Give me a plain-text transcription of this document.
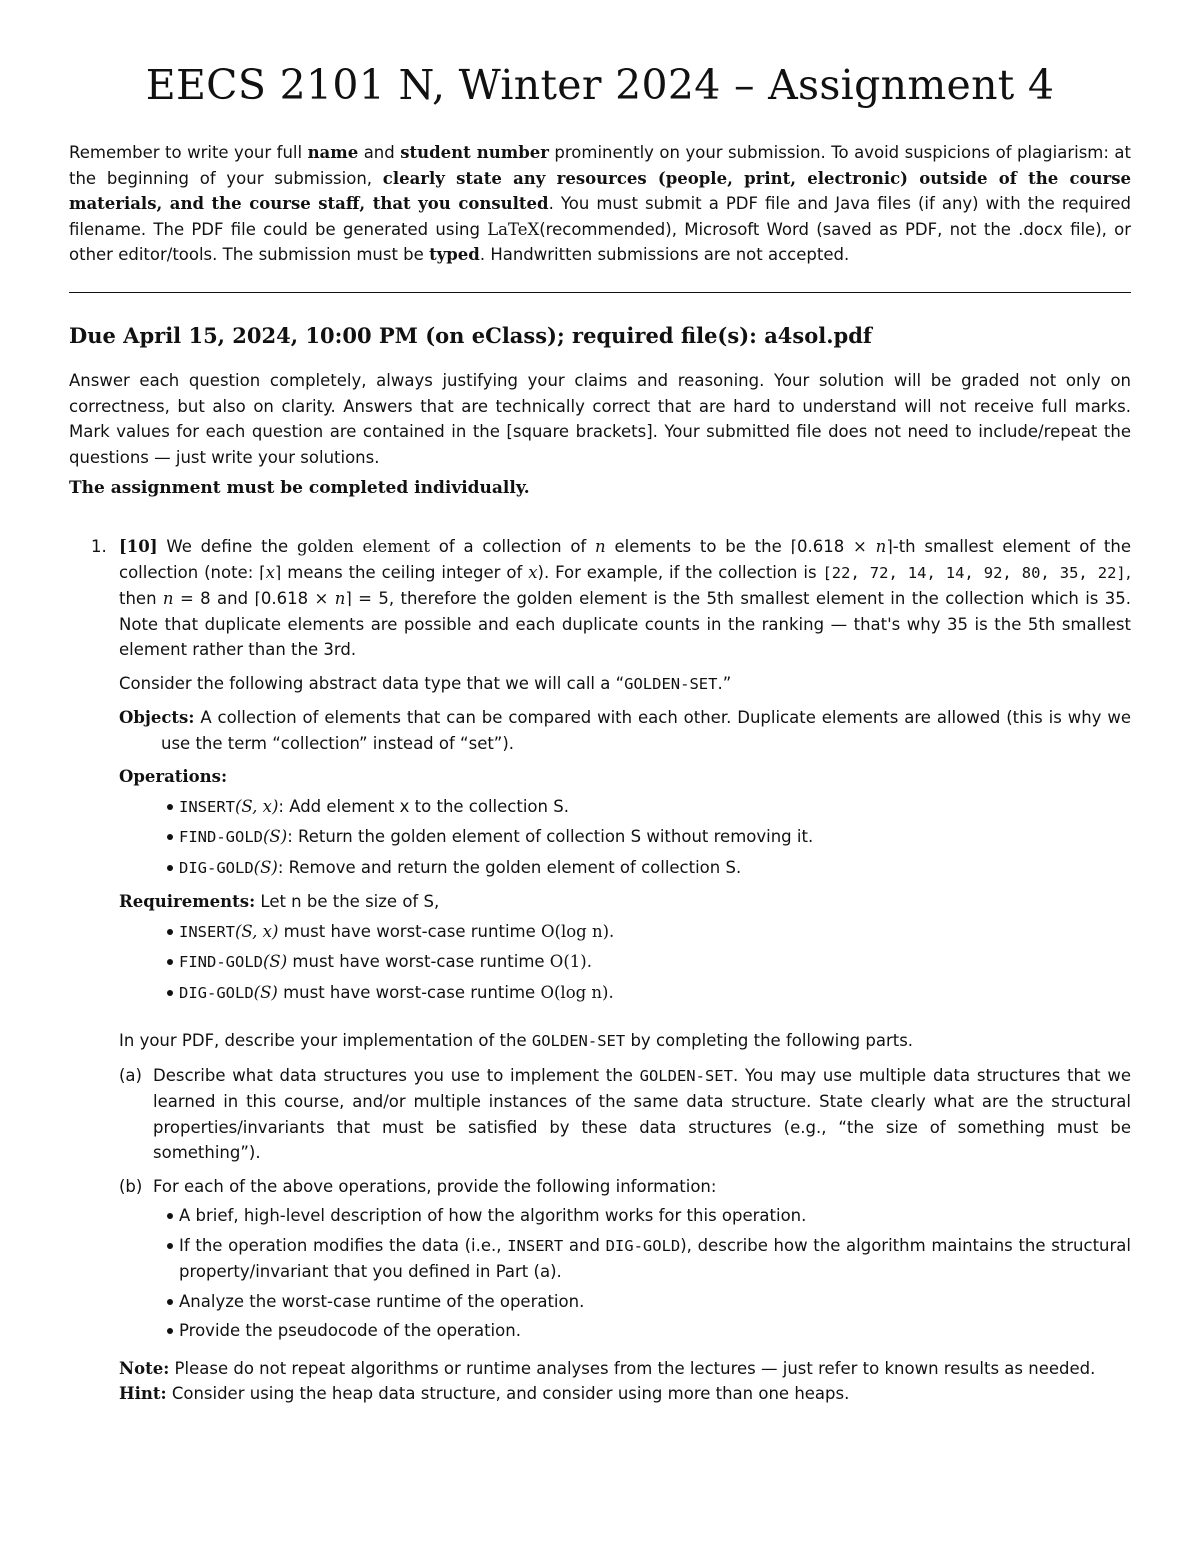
EECS 2101 N, Winter 2024 – Assignment 4

Remember to write your full name and student number prominently on your submission. To avoid suspicions of plagiarism: at the beginning of your submission, clearly state any resources (people, print, electronic) outside of the course materials, and the course staff, that you consulted. You must submit a PDF file and Java files (if any) with the required filename. The PDF file could be generated using LaTeX(recommended), Microsoft Word (saved as PDF, not the .docx file), or other editor/tools. The submission must be typed. Handwritten submissions are not accepted.

Due April 15, 2024, 10:00 PM (on eClass); required file(s): a4sol.pdf

Answer each question completely, always justifying your claims and reasoning. Your solution will be graded not only on correctness, but also on clarity. Answers that are technically correct that are hard to understand will not receive full marks. Mark values for each question are contained in the [square brackets]. Your submitted file does not need to include/repeat the questions — just write your solutions.

The assignment must be completed individually.
1. [10] We define the golden element of a collection of n elements to be the ⌈0.618 × n⌉-th smallest element of the collection (note: ⌈x⌉ means the ceiling integer of x). For example, if the collection is [22, 72, 14, 14, 92, 80, 35, 22], then n = 8 and ⌈0.618 × n⌉ = 5, therefore the golden element is the 5th smallest element in the collection which is 35. Note that duplicate elements are possible and each duplicate counts in the ranking — that's why 35 is the 5th smallest element rather than the 3rd.

Consider the following abstract data type that we will call a “GOLDEN-SET.”

Objects: A collection of elements that can be compared with each other. Duplicate elements are allowed (this is why we use the term “collection” instead of “set”).

Operations:
INSERT(S, x): Add element x to the collection S.
FIND-GOLD(S): Return the golden element of collection S without removing it.
DIG-GOLD(S): Remove and return the golden element of collection S.
Requirements: Let n be the size of S,
INSERT(S, x) must have worst-case runtime O(log n).
FIND-GOLD(S) must have worst-case runtime O(1).
DIG-GOLD(S) must have worst-case runtime O(log n).

In your PDF, describe your implementation of the GOLDEN-SET by completing the following parts.

(a) Describe what data structures you use to implement the GOLDEN-SET. You may use multiple data structures that we learned in this course, and/or multiple instances of the same data structure. State clearly what are the structural properties/invariants that must be satisfied by these data structures (e.g., “the size of something must be something”).
(b) For each of the above operations, provide the following information:
A brief, high-level description of how the algorithm works for this operation.
If the operation modifies the data (i.e., INSERT and DIG-GOLD), describe how the algorithm maintains the structural property/invariant that you defined in Part (a).
Analyze the worst-case runtime of the operation.
Provide the pseudocode of the operation.

Note: Please do not repeat algorithms or runtime analyses from the lectures — just refer to known results as needed.

Hint: Consider using the heap data structure, and consider using more than one heaps.
